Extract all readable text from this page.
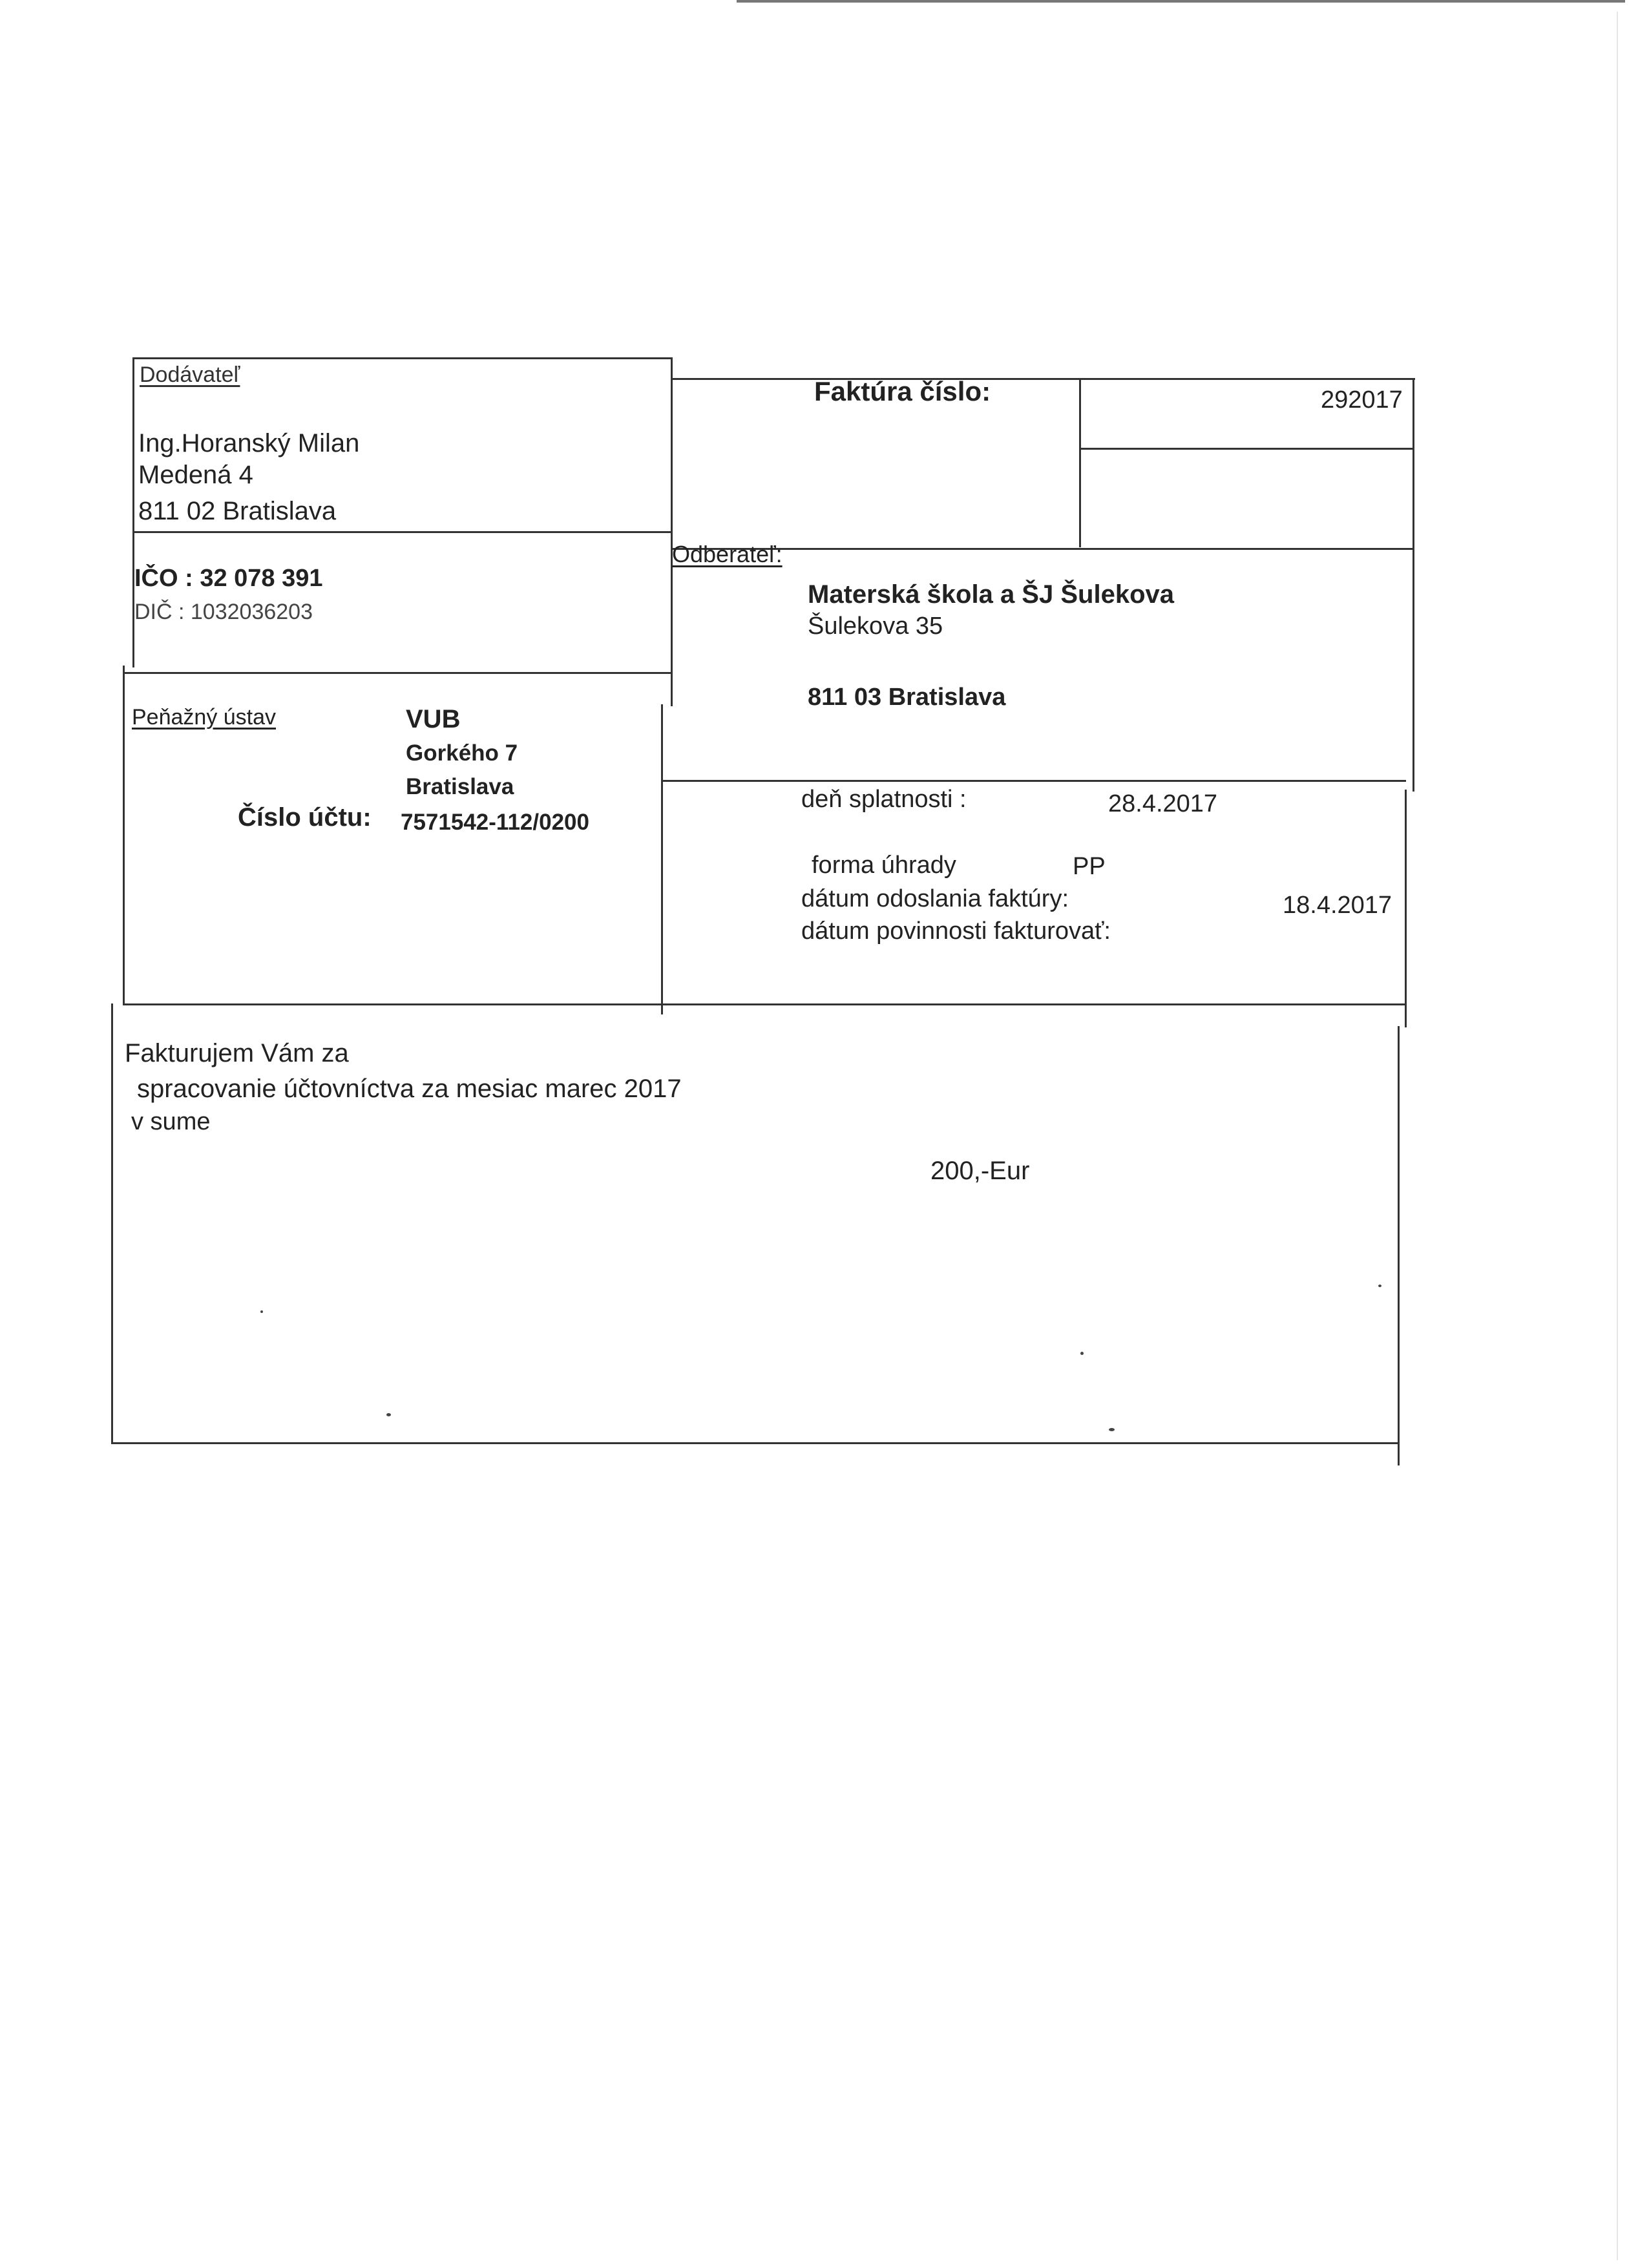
Dodávateľ
Ing.Horanský Milan
Medená 4
811 02 Bratislava
IČO : 32 078 391
DIČ : 1032036203
Peňažný ústav	VUB
Gorkého 7
Bratislava
Číslo účtu: 7571542-112/0200
Faktúra číslo:	292017
Odberateľ:
Materská škola a ŠJ Šulekova
Šulekova 35
811 03 Bratislava
deň splatnosti :	28.4.2017
forma úhrady	PP
dátum odoslania faktúry:	18.4.2017
dátum povinnosti fakturovať:
Fakturujem Vám za
spracovanie účtovníctva za mesiac marec 2017
v sume
200,-Eur
